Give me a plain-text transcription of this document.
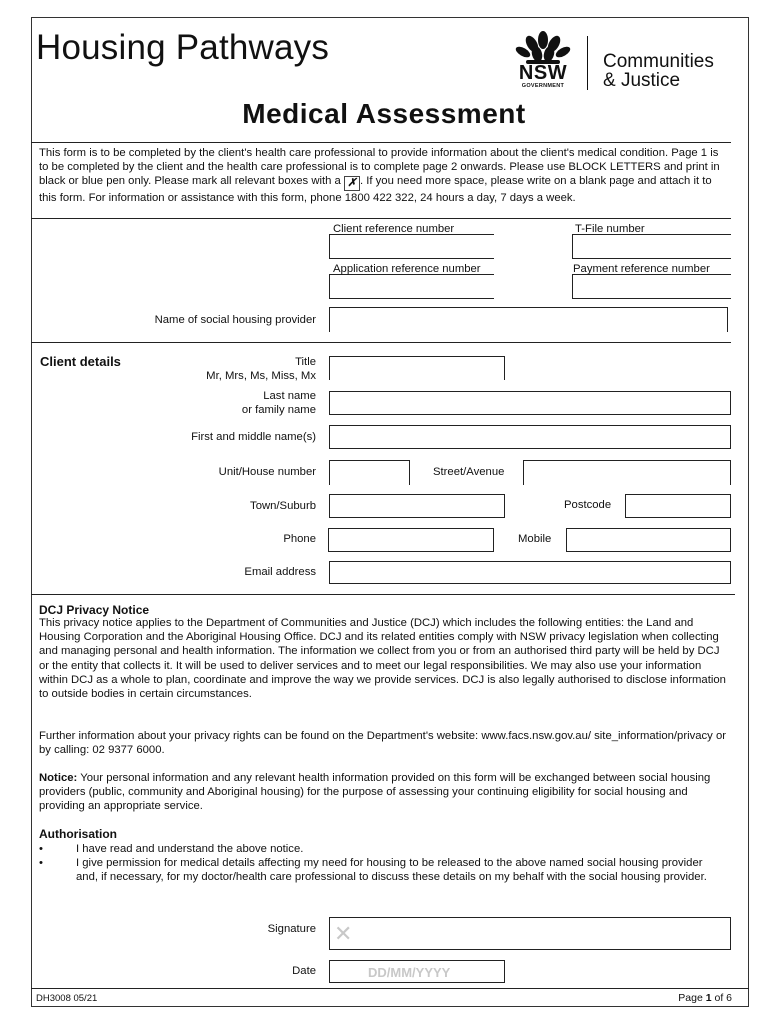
Housing Pathways
NSW
GOVERNMENT
Communities
& Justice
Medical Assessment
This form is to be completed by the client's health care professional to provide information about the client's medical condition. Page 1 is to be completed by the client and the health care professional is to complete page 2 onwards. Please use BLOCK LETTERS and print in black or blue pen only. Please mark all relevant boxes with a ✗ . If you need more space, please write on a blank page and attach it to this form. For information or assistance with this form, phone 1800 422 322, 24 hours a day, 7 days a week.
Client reference number	T-File number
Application reference number	Payment reference number
Name of social housing provider
Client details	Title
Mr, Mrs, Ms, Miss, Mx
Last name
or family name
First and middle name(s)
Unit/House number	Street/Avenue
Town/Suburb	Postcode
Phone	Mobile
Email address
DCJ Privacy Notice
This privacy notice applies to the Department of Communities and Justice (DCJ) which includes the following entities: the Land and Housing Corporation and the Aboriginal Housing Office. DCJ and its related entities comply with NSW privacy legislation when collecting and managing personal and health information. The information we collect from you or from an authorised third party will be held by DCJ or the entity that collects it. It will be used to deliver services and to meet our legal responsibilities. We may also use your information within DCJ as a whole to plan, coordinate and improve the way we provide services. DCJ is also legally authorised to disclose information to outside bodies in certain circumstances.
Further information about your privacy rights can be found on the Department's website: www.facs.nsw.gov.au/ site_information/privacy or by calling: 02 9377 6000.
Notice: Your personal information and any relevant health information provided on this form will be exchanged between social housing providers (public, community and Aboriginal housing) for the purpose of assessing your continuing eligibility for social housing and providing an appropriate service.
Authorisation
•	I have read and understand the above notice.
•	I give permission for medical details affecting my need for housing to be released to the above named social housing provider and, if necessary, for my doctor/health care professional to discuss these details on my behalf with the social housing provider.
Signature ✕
Date	DD/MM/YYYY
DH3008 05/21	Page 1 of 6
